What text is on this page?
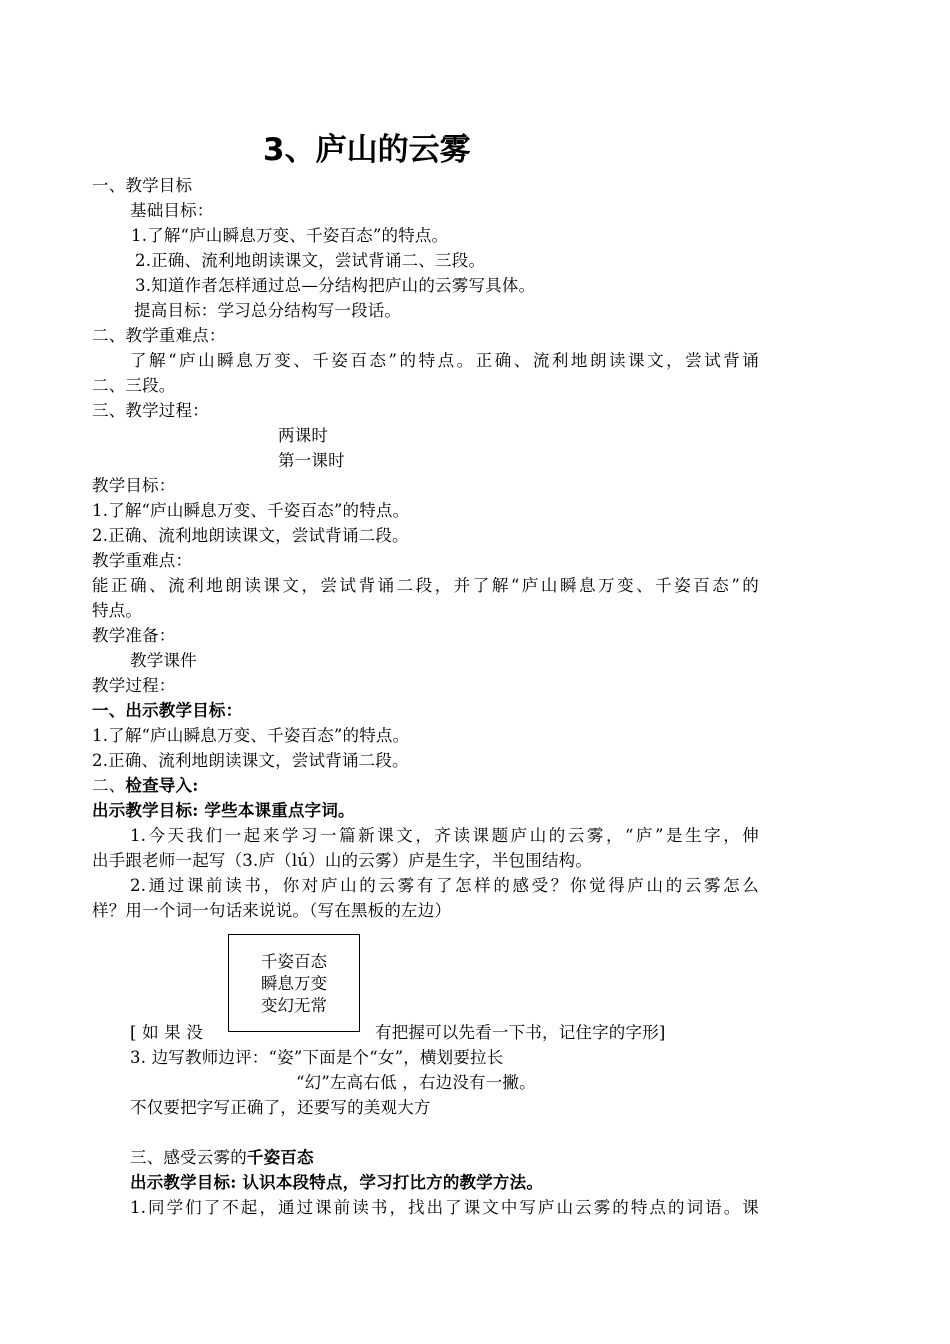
3、庐山的云雾
一、教学目标
基础目标：
1.了解“庐山瞬息万变、千姿百态”的特点。
2.正确、流利地朗读课文，尝试背诵二、三段。
3.知道作者怎样通过总—分结构把庐山的云雾写具体。
提高目标：学习总分结构写一段话。
二、教学重难点：
了解“庐山瞬息万变、千姿百态”的特点。正确、流利地朗读课文，尝试背诵
二、三段。
三、教学过程：
两课时
第一课时
教学目标：
1.了解“庐山瞬息万变、千姿百态”的特点。
2.正确、流利地朗读课文，尝试背诵二段。
教学重难点：
能正确、流利地朗读课文，尝试背诵二段，并了解“庐山瞬息万变、千姿百态”的
特点。
教学准备：
教学课件
教学过程：
一、出示教学目标：
1.了解“庐山瞬息万变、千姿百态”的特点。
2.正确、流利地朗读课文，尝试背诵二段。
二、检查导入:
出示教学目标: 学些本课重点字词。
1.今天我们一起来学习一篇新课文，齐读课题庐山的云雾，“庐”是生字，伸
出手跟老师一起写（3.庐（lú）山的云雾）庐是生字，半包围结构。
2.通过课前读书，你对庐山的云雾有了怎样的感受？你觉得庐山的云雾怎么
样？用一个词一句话来说说。（写在黑板的左边）
千姿百态
瞬息万变
变幻无常
[ 如 果 没	有把握可以先看一下书，记住字的字形]
3. 边写教师边评：“姿”下面是个“女”，横划要拉长
“幻”左高右低 ，右边没有一撇。
不仅要把字写正确了，还要写的美观大方
三、感受云雾的千姿百态
出示教学目标: 认识本段特点，学习打比方的教学方法。
1.同学们了不起，通过课前读书，找出了课文中写庐山云雾的特点的词语。课
